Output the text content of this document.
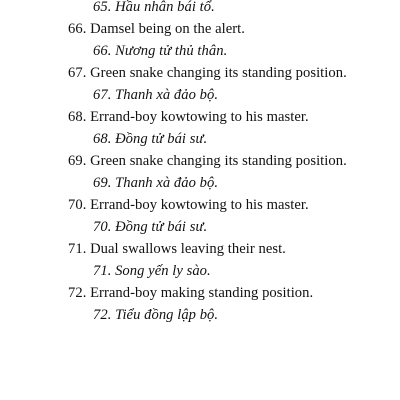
65. Hầu nhân bái tổ.
66. Damsel being on the alert.
66. Nương tử thủ thân.
67. Green snake changing its standing position.
67. Thanh xà đảo bộ.
68. Errand-boy kowtowing to his master.
68. Đồng tử bái sư.
69. Green snake changing its standing position.
69. Thanh xà đảo bộ.
70. Errand-boy kowtowing to his master.
70. Đồng tử bái sư.
71. Dual swallows leaving their nest.
71. Song yến ly sào.
72. Errand-boy making standing position.
72. Tiểu đồng lập bộ.
